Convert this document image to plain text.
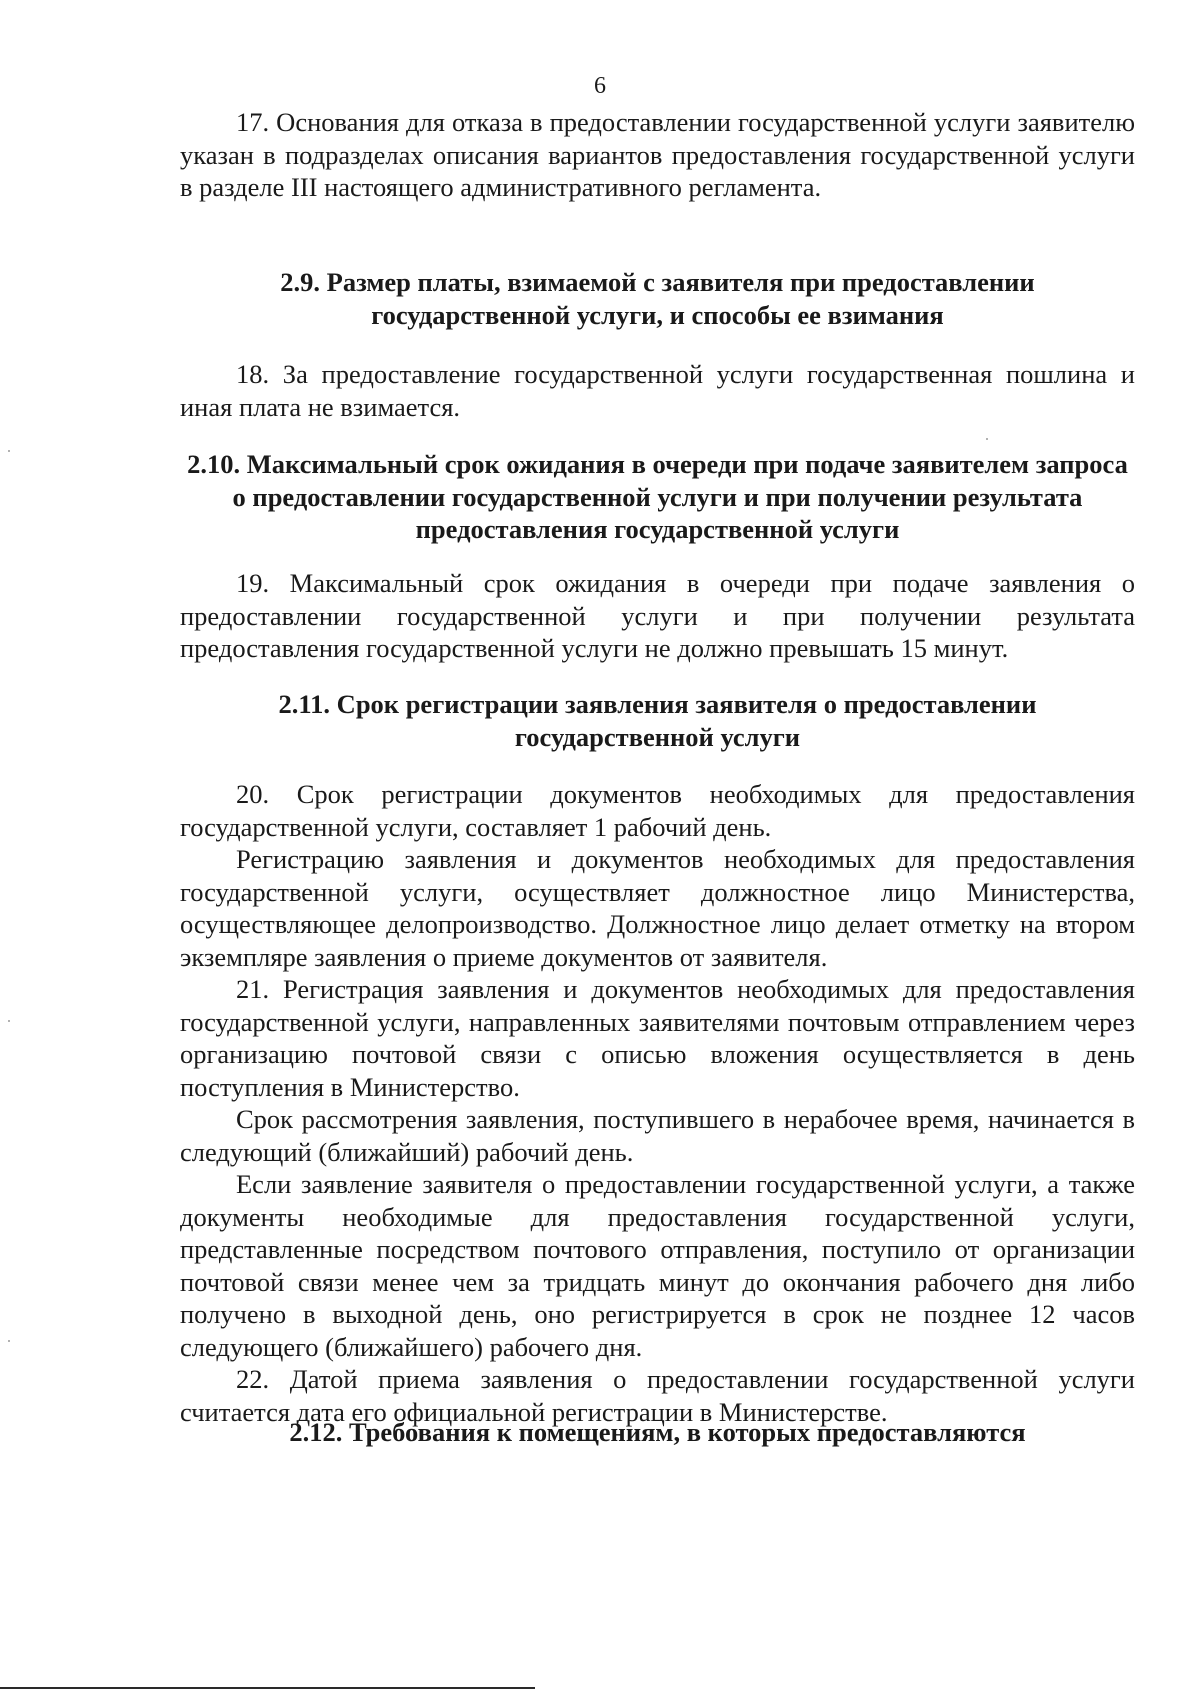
6

17. Основания для отказа в предоставлении государственной услуги заявителю указан в подразделах описания вариантов предоставления государственной услуги в разделе III настоящего административного регламента.

2.9. Размер платы, взимаемой с заявителя при предоставлении государственной услуги, и способы ее взимания

18. За предоставление государственной услуги государственная пошлина и иная плата не взимается.

2.10. Максимальный срок ожидания в очереди при подаче заявителем запроса о предоставлении государственной услуги и при получении результата предоставления государственной услуги

19. Максимальный срок ожидания в очереди при подаче заявления о предоставлении государственной услуги и при получении результата предоставления государственной услуги не должно превышать 15 минут.

2.11. Срок регистрации заявления заявителя о предоставлении государственной услуги

20. Срок регистрации документов необходимых для предоставления государственной услуги, составляет 1 рабочий день.

Регистрацию заявления и документов необходимых для предоставления государственной услуги, осуществляет должностное лицо Министерства, осуществляющее делопроизводство. Должностное лицо делает отметку на втором экземпляре заявления о приеме документов от заявителя.

21. Регистрация заявления и документов необходимых для предоставления государственной услуги, направленных заявителями почтовым отправлением через организацию почтовой связи с описью вложения осуществляется в день поступления в Министерство.

Срок рассмотрения заявления, поступившего в нерабочее время, начинается в следующий (ближайший) рабочий день.

Если заявление заявителя о предоставлении государственной услуги, а также документы необходимые для предоставления государственной услуги, представленные посредством почтового отправления, поступило от организации почтовой связи менее чем за тридцать минут до окончания рабочего дня либо получено в выходной день, оно регистрируется в срок не позднее 12 часов следующего (ближайшего) рабочего дня.

22. Датой приема заявления о предоставлении государственной услуги считается дата его официальной регистрации в Министерстве.

2.12. Требования к помещениям, в которых предоставляются
